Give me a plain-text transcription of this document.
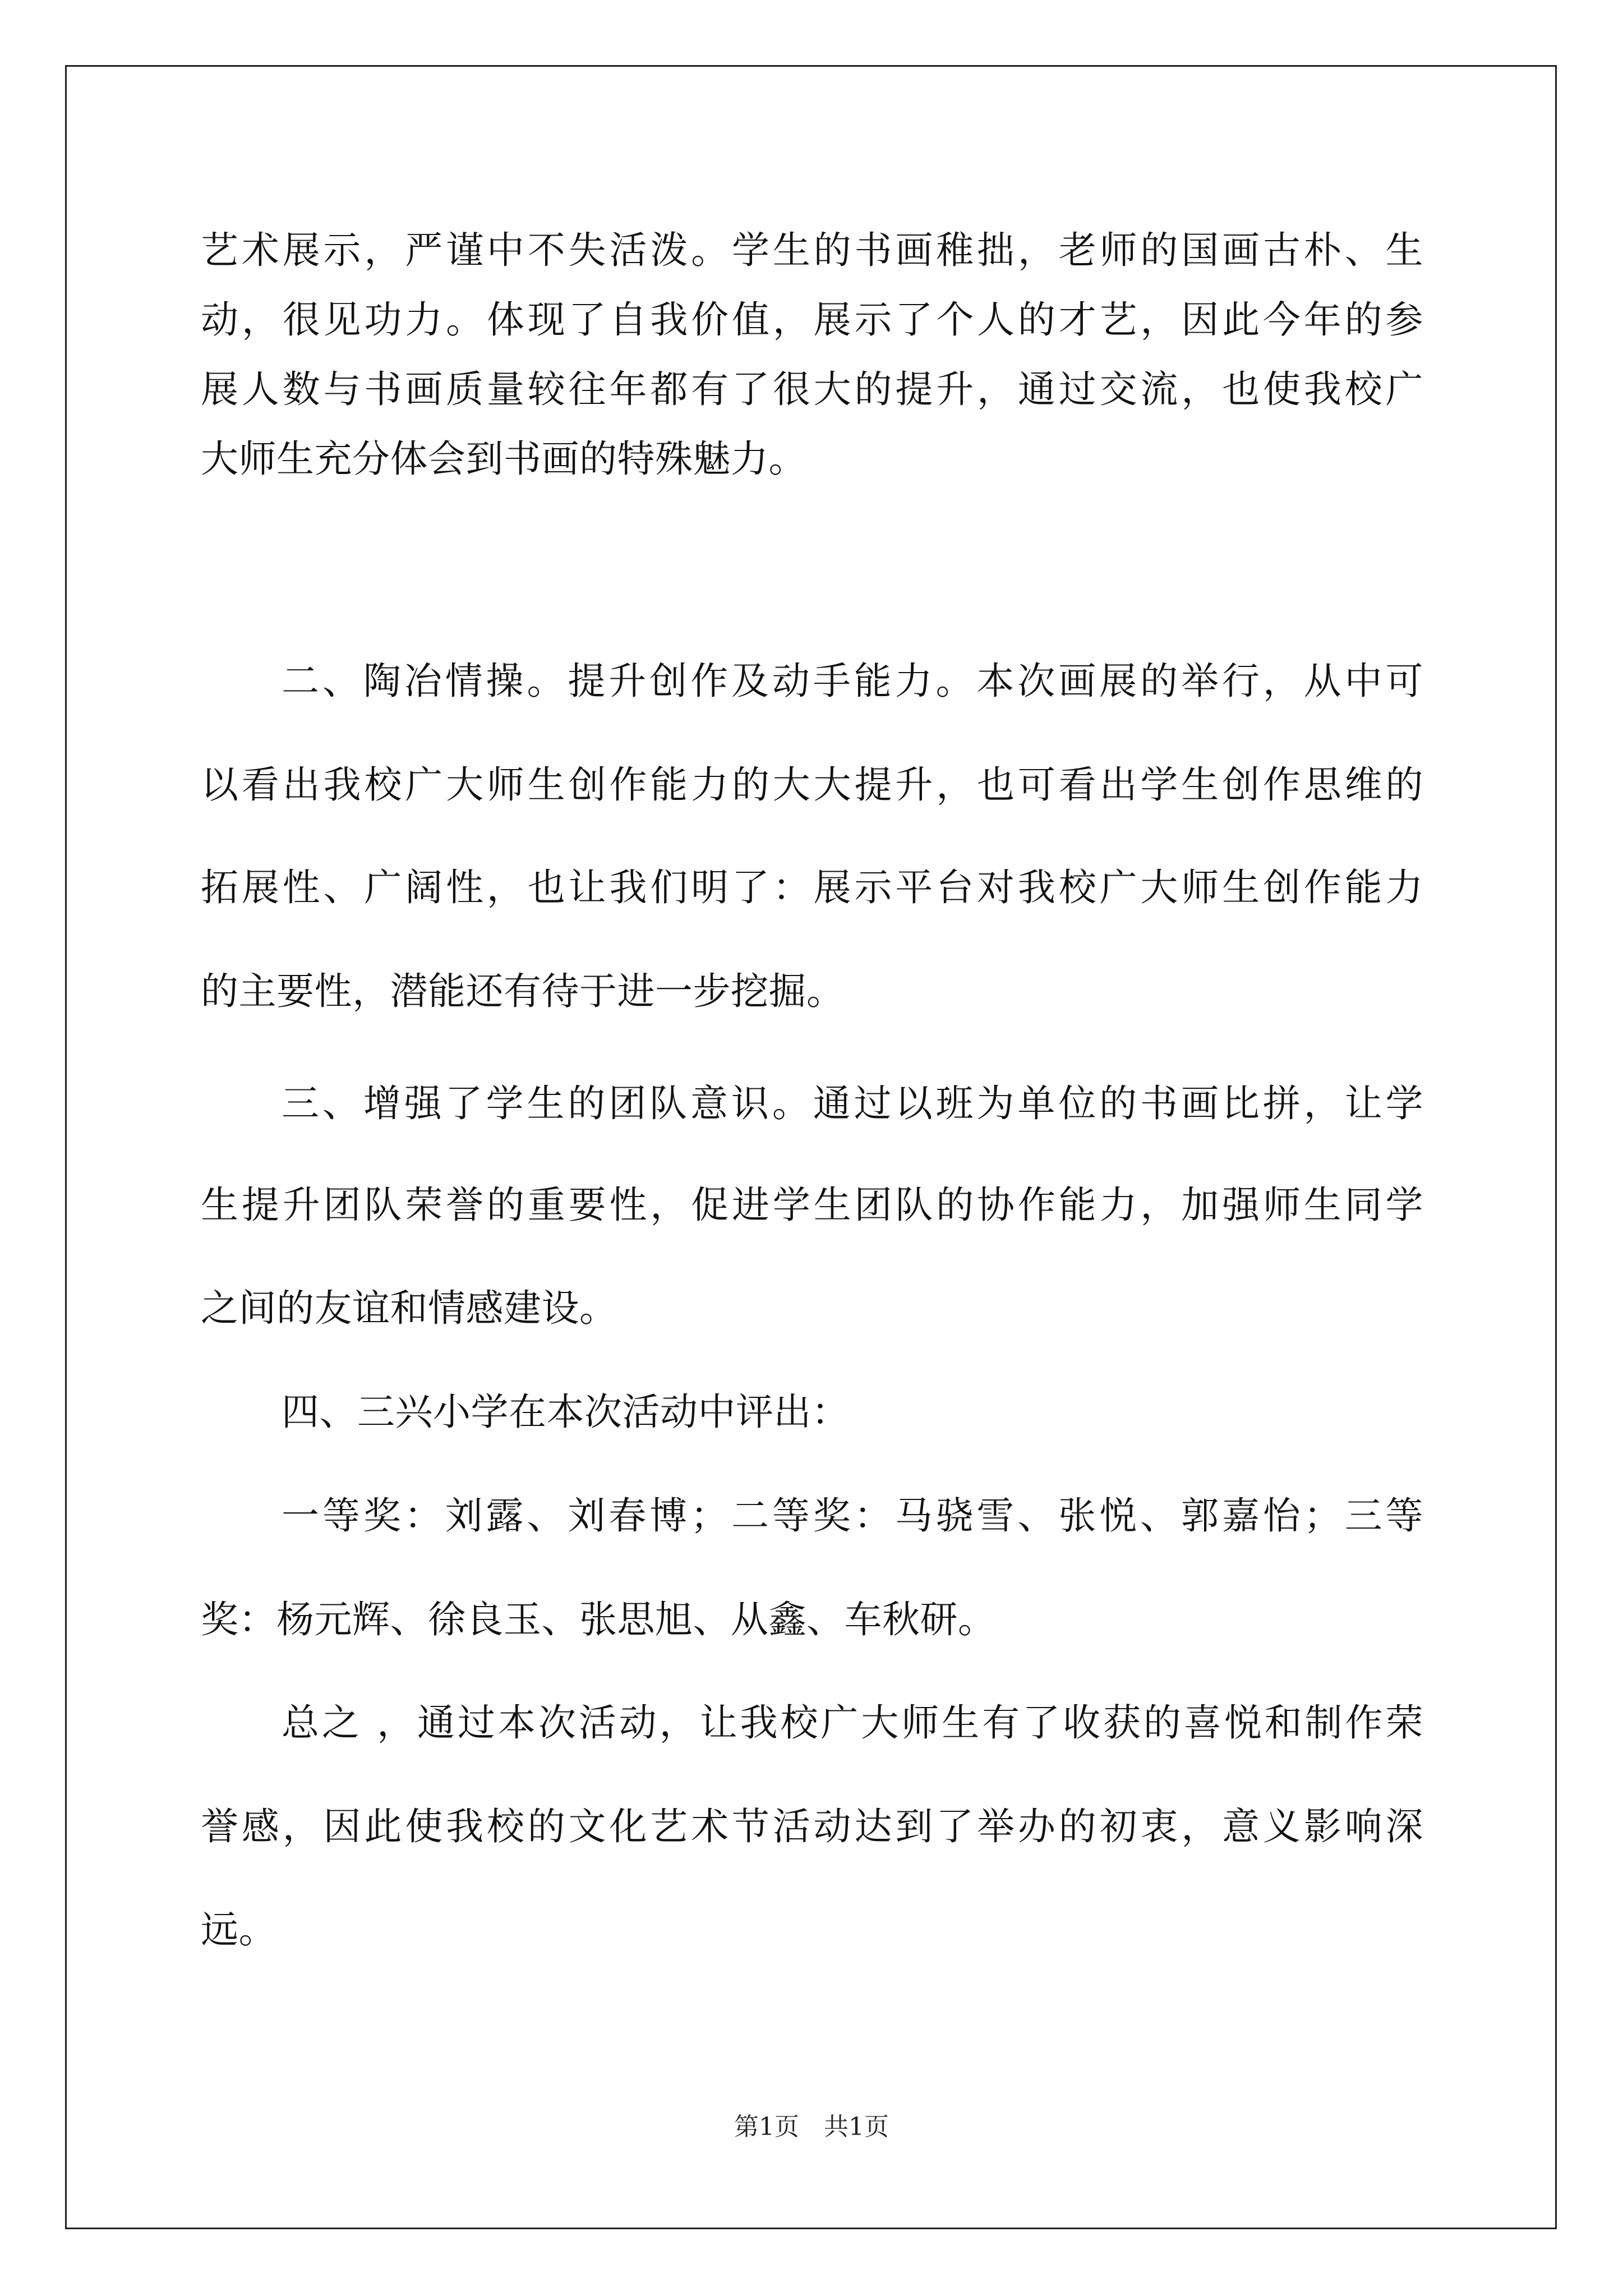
艺术展示，严谨中不失活泼。学生的书画稚拙，老师的国画古朴、生
动，很见功力。体现了自我价值，展示了个人的才艺，因此今年的参
展人数与书画质量较往年都有了很大的提升，通过交流，也使我校广
大师生充分体会到书画的特殊魅力。
二、陶冶情操。提升创作及动手能力。本次画展的举行，从中可
以看出我校广大师生创作能力的大大提升，也可看出学生创作思维的
拓展性、广阔性，也让我们明了：展示平台对我校广大师生创作能力
的主要性，潜能还有待于进一步挖掘。
三、增强了学生的团队意识。通过以班为单位的书画比拼，让学
生提升团队荣誉的重要性，促进学生团队的协作能力，加强师生同学
之间的友谊和情感建设。
四、三兴小学在本次活动中评出：
一等奖：刘露、刘春博；二等奖：马骁雪、张悦、郭嘉怡；三等
奖：杨元辉、徐良玉、张思旭、从鑫、车秋研。
总之 ，通过本次活动，让我校广大师生有了收获的喜悦和制作荣
誉感，因此使我校的文化艺术节活动达到了举办的初衷，意义影响深
远。
第1页　共1页
